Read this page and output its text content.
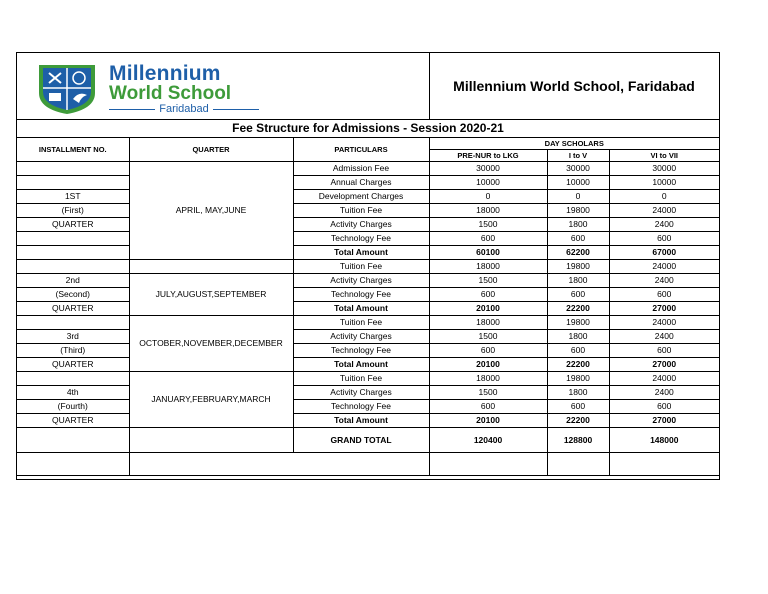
Millennium
World School
Faridabad
Millennium World School, Faridabad
Fee Structure for Admissions - Session 2020-21
INSTALLMENT NO.	QUARTER	PARTICULARS	DAY SCHOLARS		
			PRE-NUR to LKG	I to V	VI to VII
	APRIL, MAY,JUNE	Admission Fee	30000	30000	30000
		Annual Charges	10000	10000	10000
1ST		Development Charges	0	0	0
(First)		Tuition Fee	18000	19800	24000
QUARTER		Activity Charges	1500	1800	2400
		Technology Fee	600	600	600
		Total Amount	60100	62200	67000
		Tuition Fee	18000	19800	24000
2nd	JULY,AUGUST,SEPTEMBER	Activity Charges	1500	1800	2400
(Second)		Technology Fee	600	600	600
QUARTER		Total Amount	20100	22200	27000
	OCTOBER,NOVEMBER,DECEMBER	Tuition Fee	18000	19800	24000
3rd		Activity Charges	1500	1800	2400
(Third)		Technology Fee	600	600	600
QUARTER		Total Amount	20100	22200	27000
	JANUARY,FEBRUARY,MARCH	Tuition Fee	18000	19800	24000
4th		Activity Charges	1500	1800	2400
(Fourth)		Technology Fee	600	600	600
QUARTER		Total Amount	20100	22200	27000
		GRAND TOTAL	120400	128800	148000
